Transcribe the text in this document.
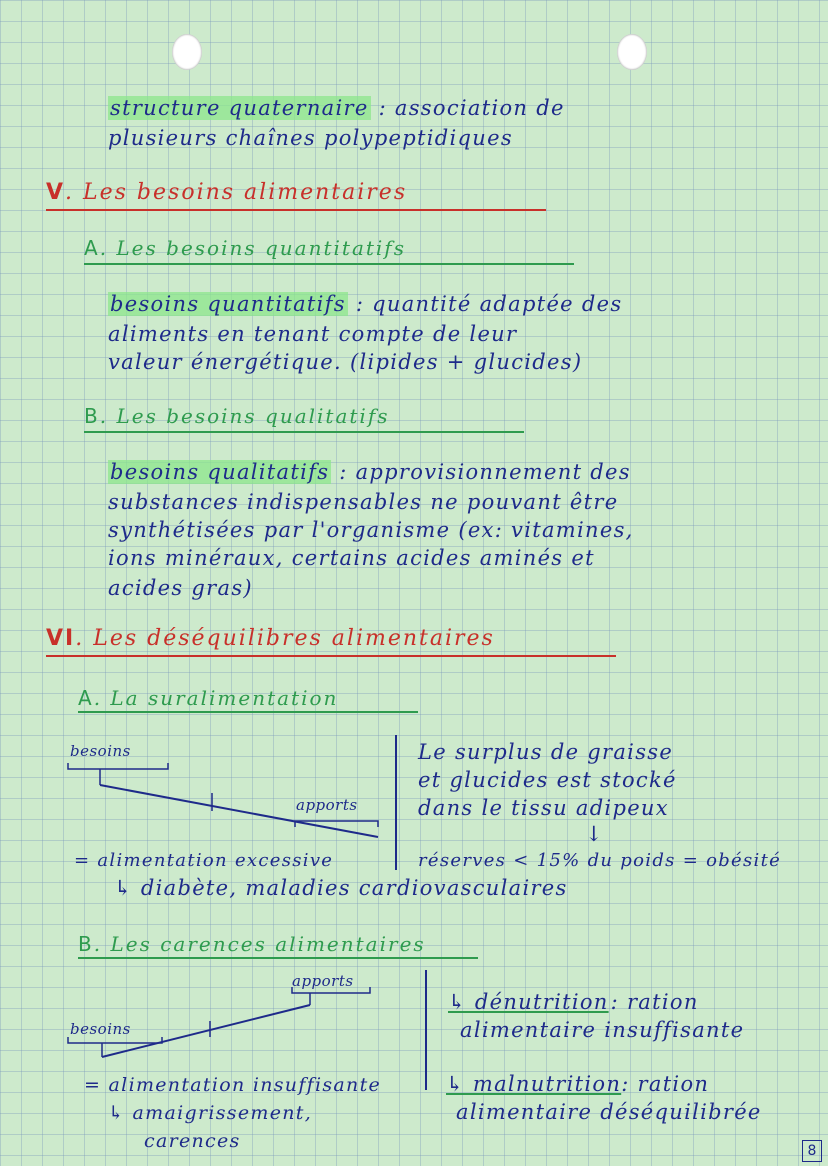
structure quaternaire : association de
plusieurs chaînes polypeptidiques
V. Les besoins alimentaires
A. Les besoins quantitatifs
besoins quantitatifs : quantité adaptée des
aliments en tenant compte de leur
valeur énergétique. (lipides + glucides)
B. Les besoins qualitatifs
besoins qualitatifs : approvisionnement des
substances indispensables ne pouvant être
synthétisées par l'organisme (ex: vitamines,
ions minéraux, certains acides aminés et
acides gras)
VI. Les déséquilibres alimentaires
A. La suralimentation
besoins
apports
Le surplus de graisse
et glucides est stocké
dans le tissu adipeux
↓
réserves < 15% du poids = obésité
= alimentation excessive
↳ diabète, maladies cardiovasculaires
B. Les carences alimentaires
apports
besoins
↳ dénutrition: ration
alimentaire insuffisante
↳ malnutrition: ration
alimentaire déséquilibrée
= alimentation insuffisante
↳ amaigrissement,
carences	8
